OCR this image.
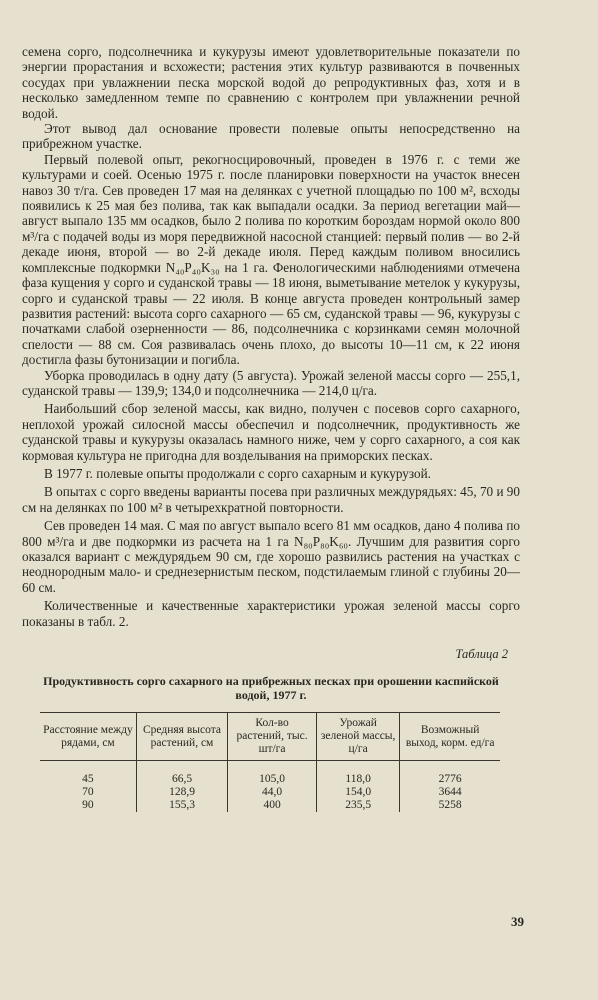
семена сорго, подсолнечника и кукурузы имеют удовлетворительные показатели по энергии прорастания и всхожести; растения этих культур развиваются в почвенных сосудах при увлажнении песка морской водой до репродуктивных фаз, хотя и в несколько замедленном темпе по сравнению с контролем при увлажнении речной водой.

Этот вывод дал основание провести полевые опыты непосредственно на прибрежном участке.

Первый полевой опыт, рекогносцировочный, проведен в 1976 г. с теми же культурами и соей. Осенью 1975 г. после планировки поверхности на участок внесен навоз 30 т/га. Сев проведен 17 мая на делянках с учетной площадью по 100 м², всходы появились к 25 мая без полива, так как выпадали осадки. За период вегетации май—август выпало 135 мм осадков, было 2 полива по коротким бороздам нормой около 800 м³/га с подачей воды из моря передвижной насосной станцией: первый полив — во 2-й декаде июня, второй — во 2-й декаде июля. Перед каждым поливом вносились комплексные подкормки N₄₀P₄₀K₃₀ на 1 га. Фенологическими наблюдениями отмечена фаза кущения у сорго и суданской травы — 18 июня, выметывание метелок у кукурузы, сорго и суданской травы — 22 июля. В конце августа проведен контрольный замер развития растений: высота сорго сахарного — 65 см, суданской травы — 96, кукурузы с початками слабой озерненности — 86, подсолнечника с корзинками семян молочной спелости — 88 см. Соя развивалась очень плохо, до высоты 10—11 см, к 22 июня достигла фазы бутонизации и погибла.

Уборка проводилась в одну дату (5 августа). Урожай зеленой массы сорго — 255,1, суданской травы — 139,9; 134,0 и подсолнечника — 214,0 ц/га.

Наибольший сбор зеленой массы, как видно, получен с посевов сорго сахарного, неплохой урожай силосной массы обеспечил и подсолнечник, продуктивность же суданской травы и кукурузы оказалась намного ниже, чем у сорго сахарного, а соя как кормовая культура не пригодна для возделывания на приморских песках.

В 1977 г. полевые опыты продолжали с сорго сахарным и кукурузой.

В опытах с сорго введены варианты посева при различных междурядьях: 45, 70 и 90 см на делянках по 100 м² в четырехкратной повторности.

Сев проведен 14 мая. С мая по август выпало всего 81 мм осадков, дано 4 полива по 800 м³/га и две подкормки из расчета на 1 га N₈₀P₈₀K₆₀. Лучшим для развития сорго оказался вариант с междурядьем 90 см, где хорошо развились растения на участках с неоднородным мало- и среднезернистым песком, подстилаемым глиной с глубины 20—60 см.

Количественные и качественные характеристики урожая зеленой массы сорго показаны в табл. 2.

Таблица 2

Продуктивность сорго сахарного на прибрежных песках при орошении каспийской водой, 1977 г.

Расстояние между рядами, см	Средняя высота растений, см	Кол-во растений, тыс. шт/га	Урожай зеленой массы, ц/га	Возможный выход, корм. ед/га
45	66,5	105,0	118,0	2776
70	128,9	44,0	154,0	3644
90	155,3	400	235,5	5258
39
